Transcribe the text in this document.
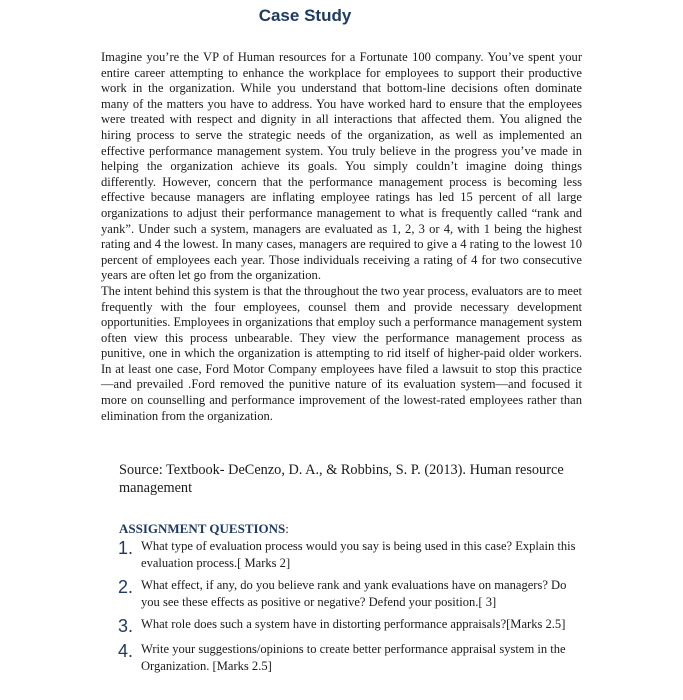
Case Study

Imagine you’re the VP of Human resources for a Fortunate 100 company. You’ve spent your entire career attempting to enhance the workplace for employees to support their productive work in the organization. While you understand that bottom-line decisions often dominate many of the matters you have to address. You have worked hard to ensure that the employees were treated with respect and dignity in all interactions that affected them. You aligned the hiring process to serve the strategic needs of the organization, as well as implemented an effective performance management system. You truly believe in the progress you’ve made in helping the organization achieve its goals. You simply couldn’t imagine doing things differently. However, concern that the performance management process is becoming less effective because managers are inflating employee ratings has led 15 percent of all large organizations to adjust their performance management to what is frequently called “rank and yank”. Under such a system, managers are evaluated as 1, 2, 3 or 4, with 1 being the highest rating and 4 the lowest. In many cases, managers are required to give a 4 rating to the lowest 10 percent of employees each year. Those individuals receiving a rating of 4 for two consecutive years are often let go from the organization.

The intent behind this system is that the throughout the two year process, evaluators are to meet frequently with the four employees, counsel them and provide necessary development opportunities. Employees in organizations that employ such a performance management system often view this process unbearable. They view the performance management process as punitive, one in which the organization is attempting to rid itself of higher-paid older workers. In at least one case, Ford Motor Company employees have filed a lawsuit to stop this practice—and prevailed .Ford removed the punitive nature of its evaluation system—and focused it more on counselling and performance improvement of the lowest-rated employees rather than elimination from the organization.

Source: Textbook- DeCenzo, D. A., & Robbins, S. P. (2013). Human resource management
ASSIGNMENT QUESTIONS:
1. What type of evaluation process would you say is being used in this case? Explain this evaluation process.[ Marks 2]
2. What effect, if any, do you believe rank and yank evaluations have on managers? Do you see these effects as positive or negative? Defend your position.[ 3]
3. What role does such a system have in distorting performance appraisals?[Marks 2.5]
4. Write your suggestions/opinions to create better performance appraisal system in the Organization. [Marks 2.5]
